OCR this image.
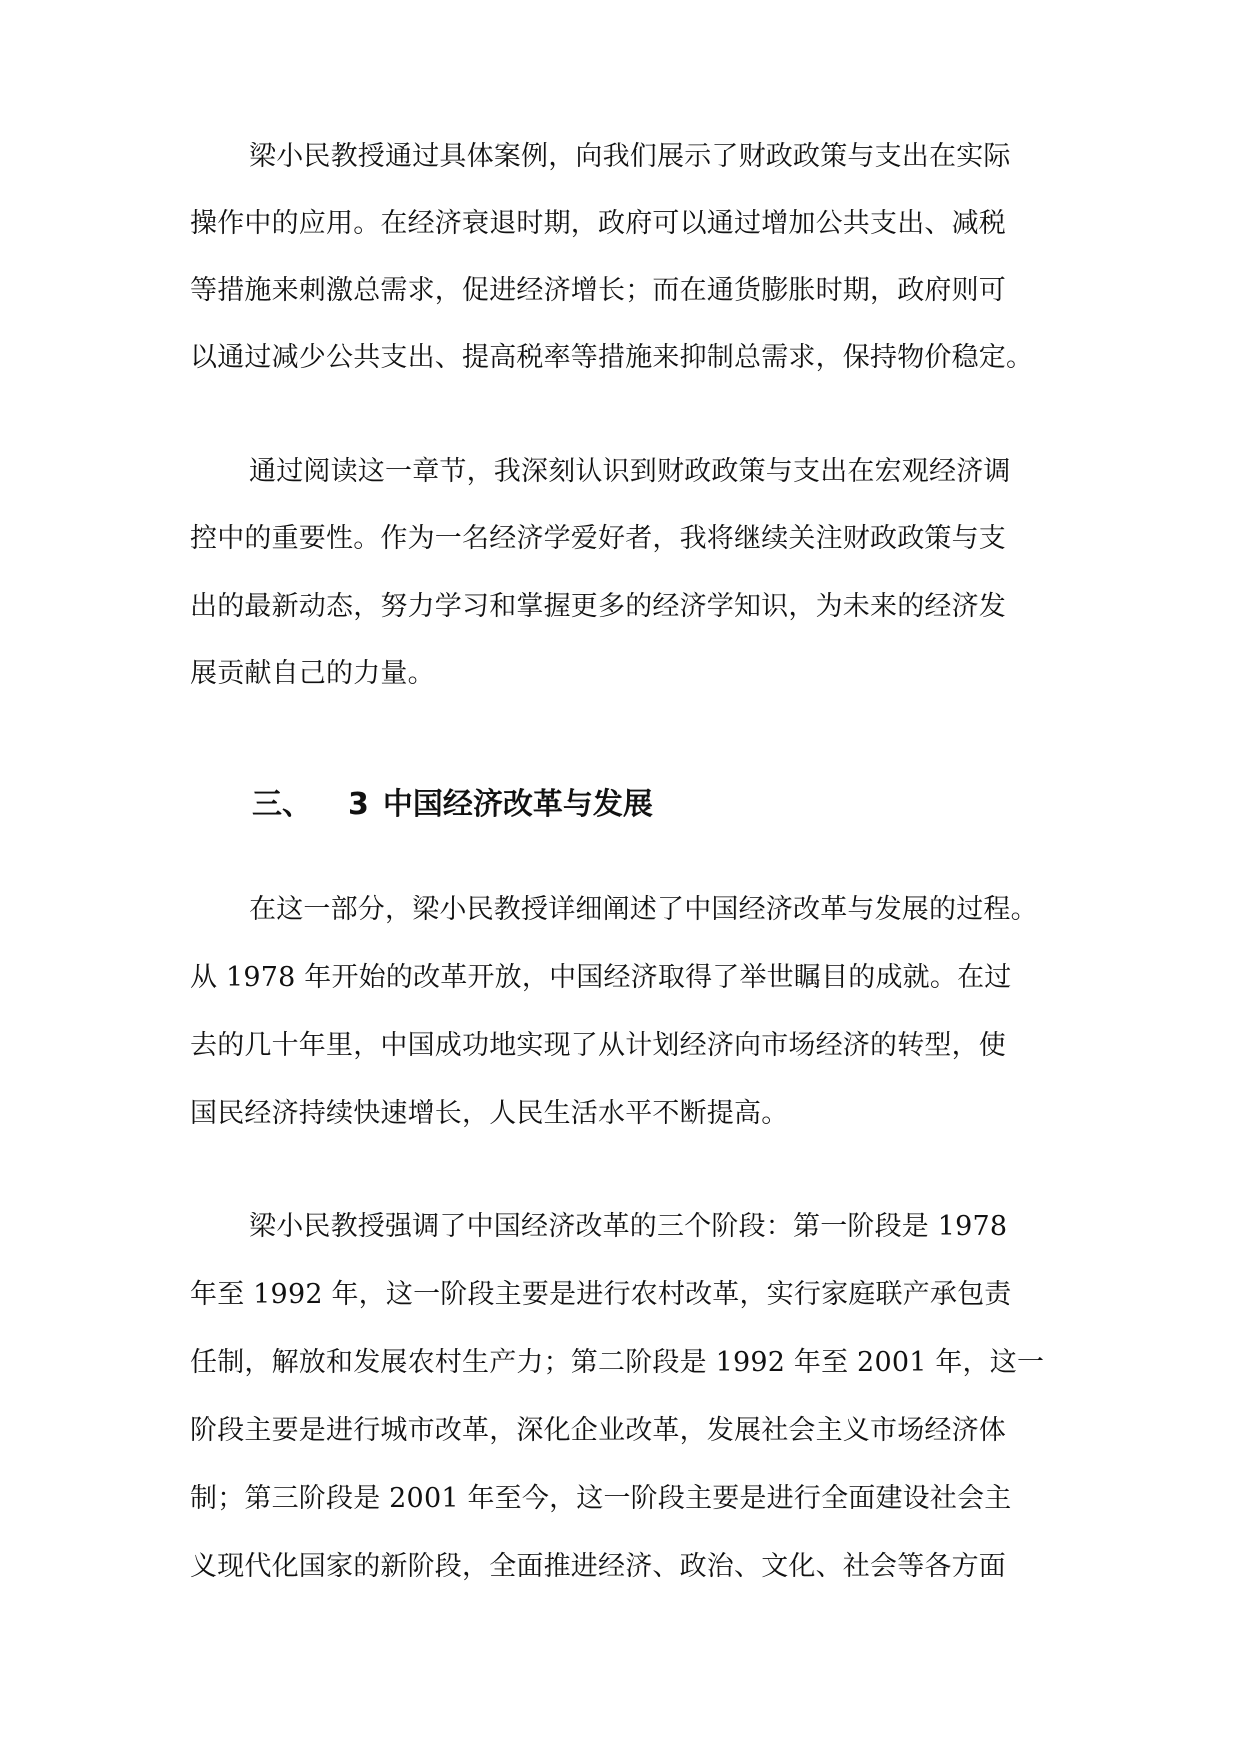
梁小民教授通过具体案例，向我们展示了财政政策与支出在实际
操作中的应用。在经济衰退时期，政府可以通过增加公共支出、减税
等措施来刺激总需求，促进经济增长；而在通货膨胀时期，政府则可
以通过减少公共支出、提高税率等措施来抑制总需求，保持物价稳定。
通过阅读这一章节，我深刻认识到财政政策与支出在宏观经济调
控中的重要性。作为一名经济学爱好者，我将继续关注财政政策与支
出的最新动态，努力学习和掌握更多的经济学知识，为未来的经济发
展贡献自己的力量。
三、 3 中国经济改革与发展
在这一部分，梁小民教授详细阐述了中国经济改革与发展的过程。
从 1978 年开始的改革开放，中国经济取得了举世瞩目的成就。在过
去的几十年里，中国成功地实现了从计划经济向市场经济的转型，使
国民经济持续快速增长，人民生活水平不断提高。
梁小民教授强调了中国经济改革的三个阶段：第一阶段是 1978
年至 1992 年，这一阶段主要是进行农村改革，实行家庭联产承包责
任制，解放和发展农村生产力；第二阶段是 1992 年至 2001 年，这一
阶段主要是进行城市改革，深化企业改革，发展社会主义市场经济体
制；第三阶段是 2001 年至今，这一阶段主要是进行全面建设社会主
义现代化国家的新阶段，全面推进经济、政治、文化、社会等各方面
